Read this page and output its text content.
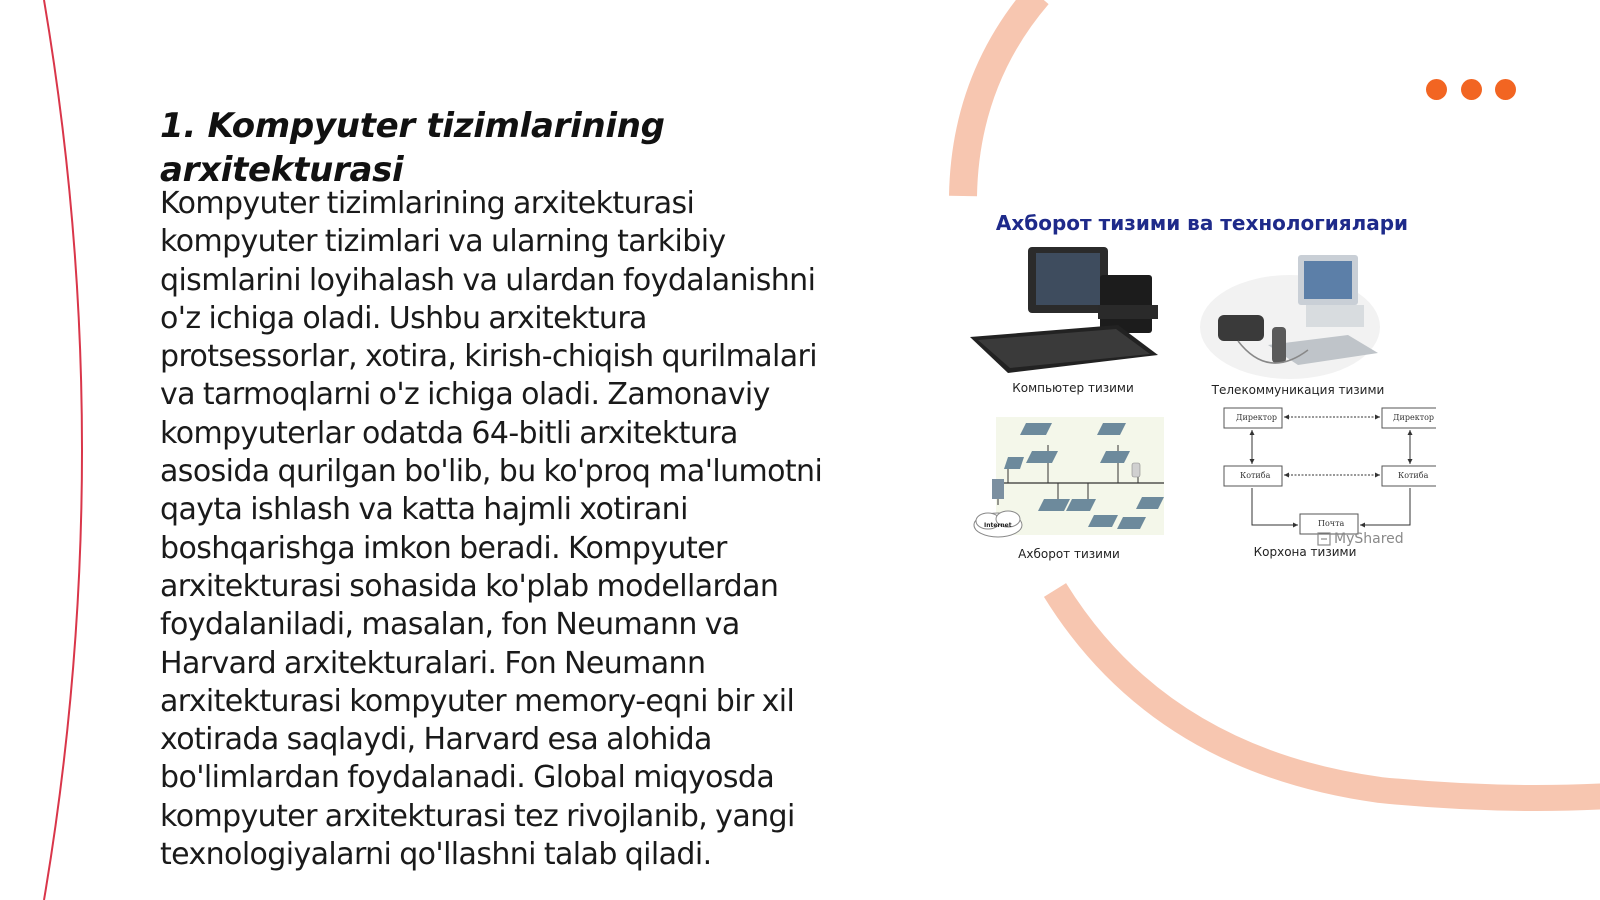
1. Kompyuter tizimlarining arxitekturasi

Kompyuter tizimlarining arxitekturasi kompyuter tizimlari va ularning tarkibiy qismlarini loyihalash va ulardan foydalanishni o'z ichiga oladi. Ushbu arxitektura protsessorlar, xotira, kirish-chiqish qurilmalari va tarmoqlarni o'z ichiga oladi. Zamonaviy kompyuterlar odatda 64-bitli arxitektura asosida qurilgan bo'lib, bu ko'proq ma'lumotni qayta ishlash va katta hajmli xotirani boshqarishga imkon beradi. Kompyuter arxitekturasi sohasida ko'plab modellardan foydalaniladi, masalan, fon Neumann va Harvard arxitekturalari. Fon Neumann arxitekturasi kompyuter memory-eqni bir xil xotirada saqlaydi, Harvard esa alohida bo'limlardan foydalanadi. Global miqyosda kompyuter arxitekturasi tez rivojlanib, yangi texnologiyalarni qo'llashni talab qiladi.

Internet
Директор	Директор
Котиба	Котиба
Почта
Ахборот тизими ва технологиялари
Компьютер тизими	Телекоммуникация тизими
Ахборот тизими	Корхона тизими
MyShared
